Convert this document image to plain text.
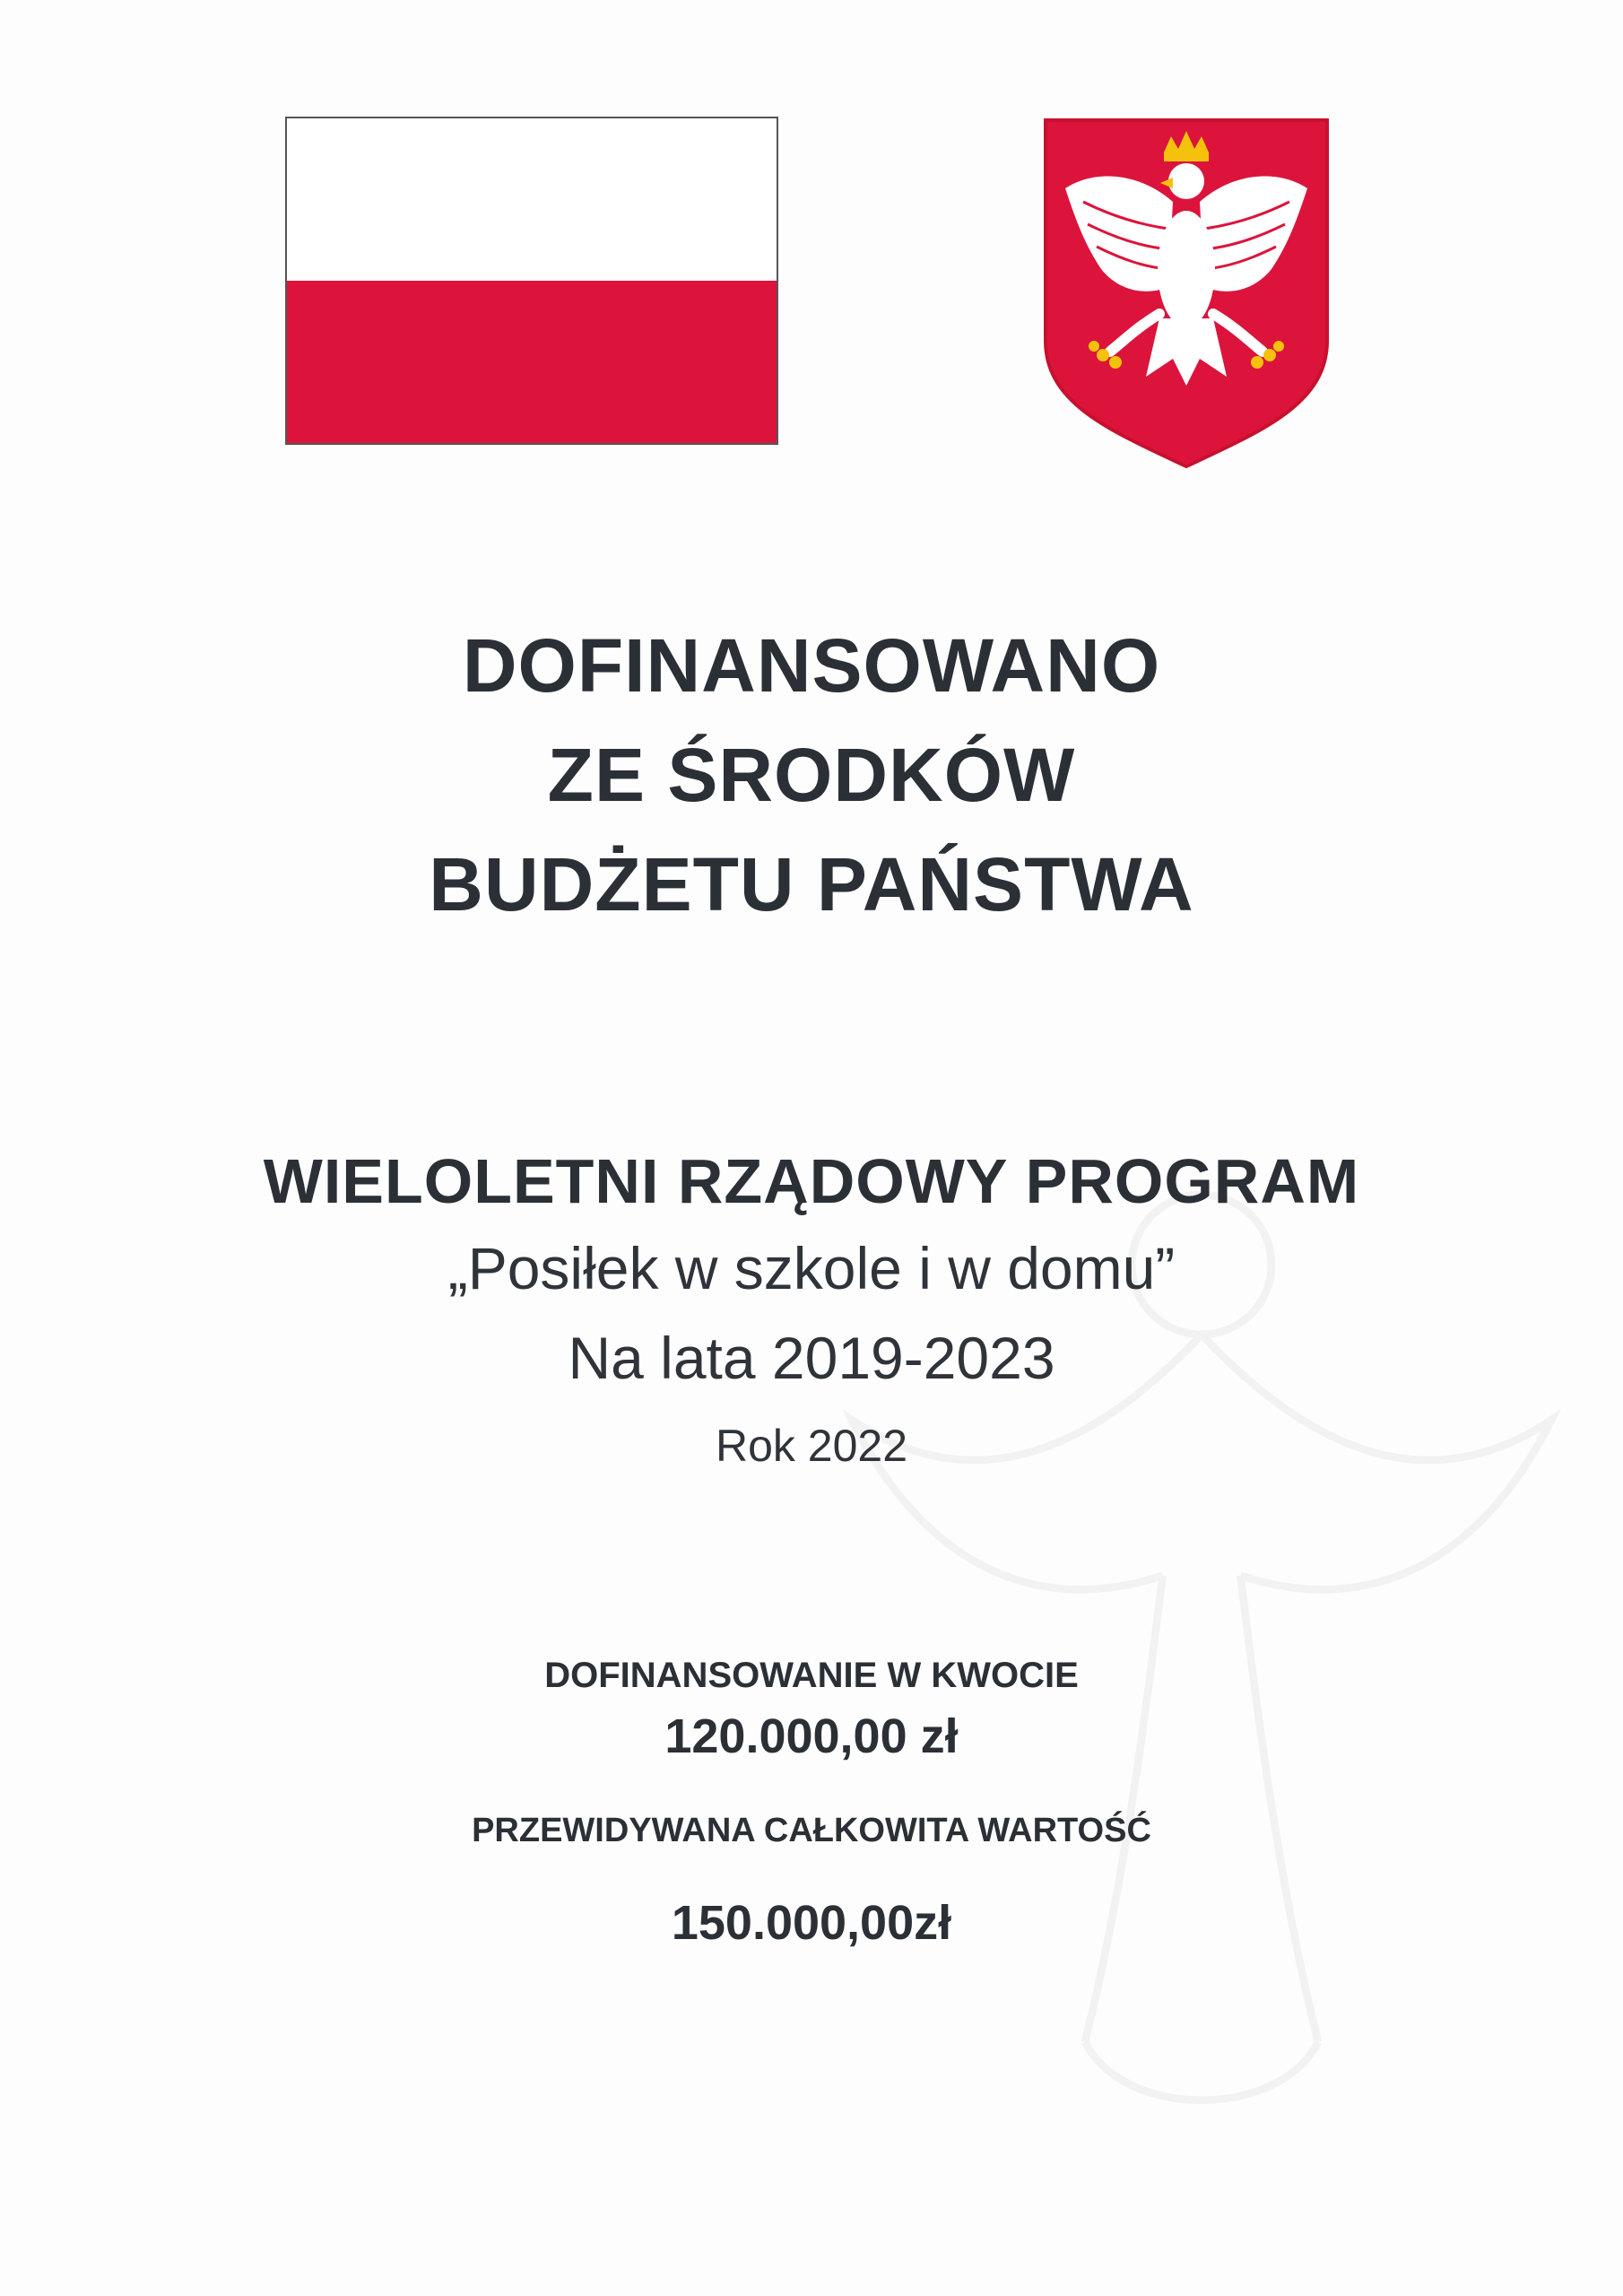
DOFINANSOWANO
ZE ŚRODKÓW
BUDŻETU PAŃSTWA
WIELOLETNI RZĄDOWY PROGRAM
„Posiłek w szkole i w domu”
Na lata 2019-2023
Rok 2022
DOFINANSOWANIE W KWOCIE
120.000,00 zł
PRZEWIDYWANA CAŁKOWITA WARTOŚĆ
150.000,00zł
